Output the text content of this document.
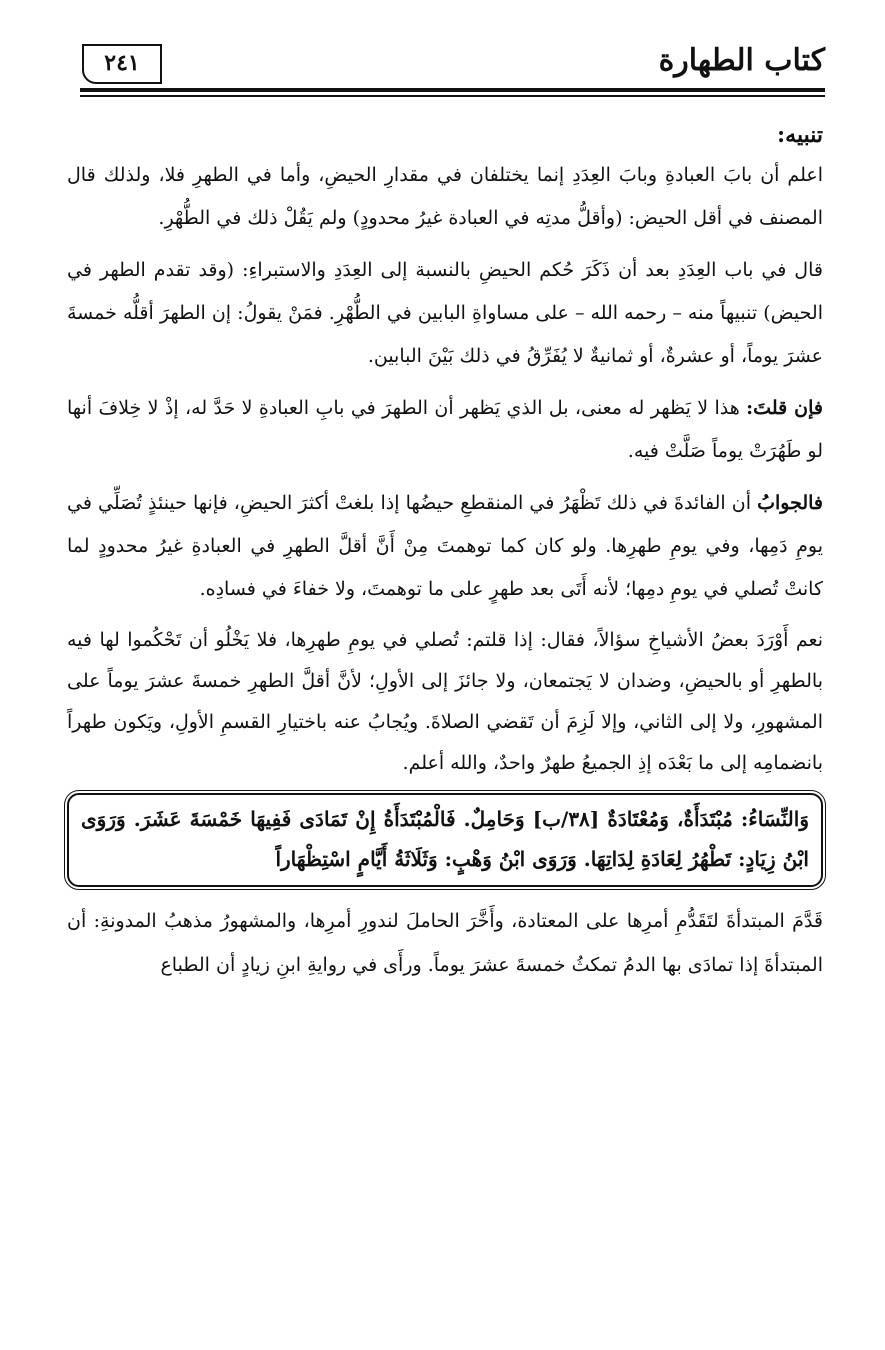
كتاب الطهارة
٢٤١
تنبيه:

اعلم أن بابَ العبادةِ وبابَ العِدَدِ إنما يختلفان في مقدارِ الحيضِ، وأما في الطهرِ فلا، ولذلك قال المصنف في أقل الحيض: (وأقلُّ مدتِه في العبادة غيرُ محدودٍ) ولم يَقُلْ ذلك في الطُّهْرِ.

قال في باب العِدَدِ بعد أن ذَكَرَ حُكم الحيضِ بالنسبة إلى العِدَدِ والاستبراءِ: (وقد تقدم الطهر في الحيض) تنبيهاً منه – رحمه الله – على مساواةِ البابين في الطُّهْرِ. فمَنْ يقولُ: إن الطهرَ أقلُّه خمسةَ عشرَ يوماً، أو عشرةٌ، أو ثمانيةٌ لا يُفَرِّقُ في ذلك بَيْنَ البابين.

فإن قلتَ: هذا لا يَظهر له معنى، بل الذي يَظهر أن الطهرَ في بابِ العبادةِ لا حَدَّ له، إذْ لا خِلافَ أنها لو طَهُرَتْ يوماً صَلَّتْ فيه.

فالجوابُ أن الفائدةَ في ذلك تَظْهَرُ في المنقطعِ حيضُها إذا بلغتْ أكثرَ الحيضِ، فإنها حينئذٍ تُصَلِّي في يومِ دَمِها، وفي يومِ طهرِها. ولو كان كما توهمتَ مِنْ أَنَّ أقلَّ الطهرِ في العبادةِ غيرُ محدودٍ لما كانتْ تُصلي في يومِ دمِها؛ لأنه أَتَى بعد طهرٍ على ما توهمتَ، ولا خفاءَ في فسادِه.

نعم أَوْرَدَ بعضُ الأشياخِ سؤالاً، فقال: إذا قلتم: تُصلي في يومِ طهرِها، فلا يَخْلُو أن تَحْكُموا لها فيه بالطهرِ أو بالحيضِ، وضدان لا يَجتمعان، ولا جائزَ إلى الأولِ؛ لأنَّ أقلَّ الطهرِ خمسةَ عشرَ يوماً على المشهورِ، ولا إلى الثاني، وإلا لَزِمَ أن تَقضي الصلاةَ. ويُجابُ عنه باختيارِ القسمِ الأولِ، ويَكون طهراً بانضمامِه إلى ما بَعْدَه إذِ الجميعُ طهرٌ واحدٌ، والله أعلم.

وَالنِّسَاءُ: مُبْتَدَأَةٌ، وَمُعْتَادَةٌ [٣٨/ب] وَحَامِلٌ. فَالْمُبْتَدَأَةُ إِنْ تَمَادَى فَفِيهَا خَمْسَةَ عَشَرَ. وَرَوَى ابْنُ زِيَادٍ: تَطْهُرُ لِعَادَةِ لِدَاتِهَا. وَرَوَى ابْنُ وَهْبٍ: وَثَلَاثَةُ أَيَّامٍ اسْتِظْهَاراً

قَدَّمَ المبتدأةَ لتَقَدُّمِ أمرِها على المعتادة، وأَخَّرَ الحاملَ لندورِ أمرِها، والمشهورُ مذهبُ المدونةِ: أن المبتدأةَ إذا تمادَى بها الدمُ تمكثُ خمسةَ عشرَ يوماً. ورأَى في روايةِ ابنِ زيادٍ أن الطباع
